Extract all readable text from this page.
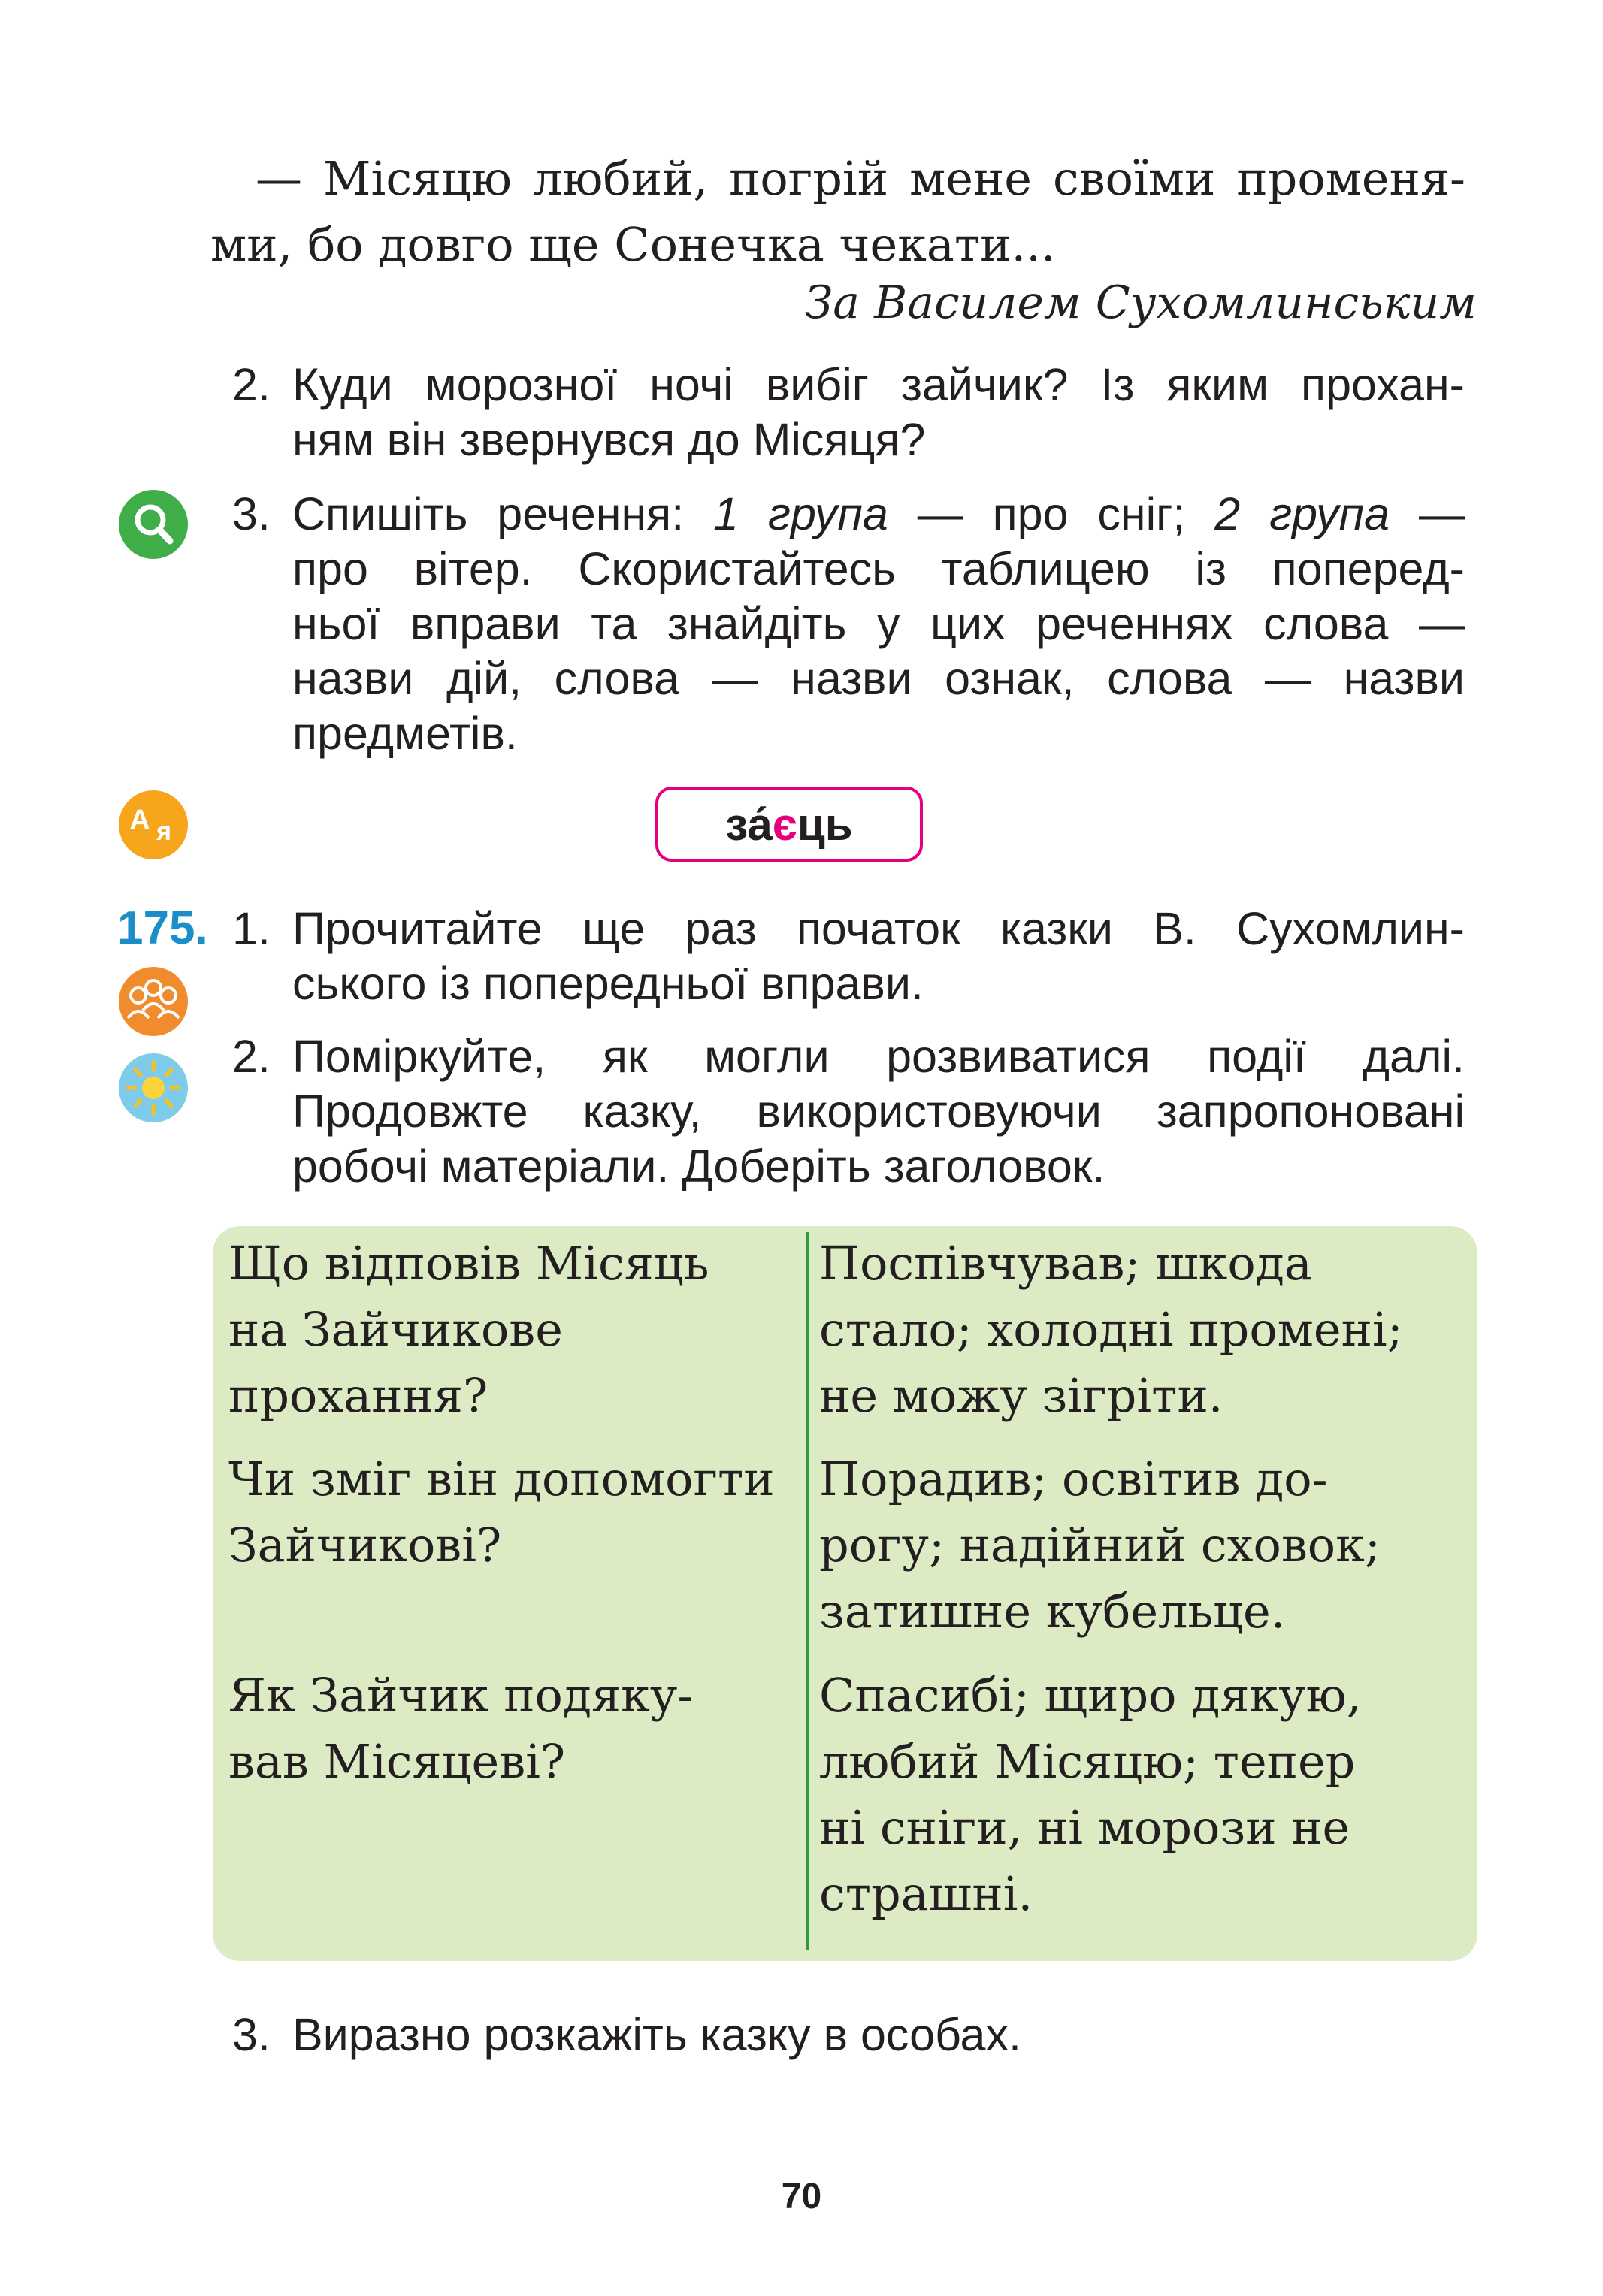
— Місяцю любий, погрій мене своїми променя-
ми, бо довго ще Сонечка чекати...
За Василем Сухомлинським
2. Куди морозної ночі вибіг зайчик? Із яким прохан-
ням він звернувся до Місяця?
3. Спишіть речення: 1 група — про сніг; 2 група —
про вітер. Скористайтесь таблицею із поперед-
ньої вправи та знайдіть у цих реченнях слова —
назви дій, слова — назви ознак, слова — назви
предметів.
А я	за́ є ць
175. 1. Прочитайте ще раз початок казки В. Сухомлин-
ського із попередньої вправи.
2. Поміркуйте, як могли розвиватися події далі.
Продовжте казку, використовуючи запропоновані
робочі матеріали. Доберіть заголовок.
Що відповів Місяць
на Зайчикове
прохання?
Поспівчував; шкода
стало; холодні промені;
не можу зігріти.
Чи зміг він допомогти
Зайчикові?
Порадив; освітив до-
рогу; надійний сховок;
затишне кубельце.
Як Зайчик подяку-
вав Місяцеві?
Спасибі; щиро дякую,
любий Місяцю; тепер
ні сніги, ні морози не
страшні.
3. Виразно розкажіть казку в особах.
70
